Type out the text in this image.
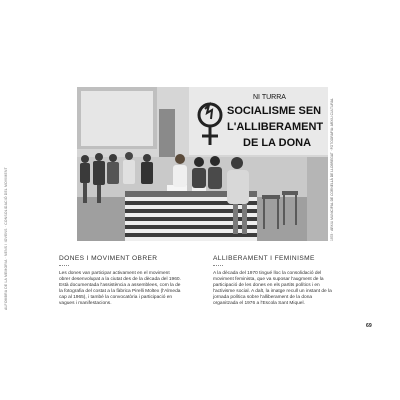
ALFOMBRA DE LA MEMORIA · NENS I IOVENS · CONSOLIDACIÓ DEL MOVIMENT
NI TURRA
SOCIALISME SEN
L'ALLIBERAMENT
DE LA DONA	1978 · ARXIU MUNICIPAL DE CORNELLÀ DE LLOBREGAT · FOTOGRAFIA: ARXIU CULTURAL
DONES I MOVIMENT OBRER

Les dones van participar activament en el moviment obrer desenvolupat a la ciutat des de la dècada del 1960. Està documentada l'assistència a assemblees, com la de la fotografia del costat a la fàbrica Pirelli Moltex (l'Almeda cap al 1965), i també la convocatòria i participació en vagues i manifestacions.

ALLIBERAMENT I FEMINISME

A la dècada del 1970 tingué lloc la consolidació del moviment feminista, que va suposar l'augment de la participació de les dones en els partits polítics i en l'activisme social. A dalt, la imatge recull un instant de la jornada política sobre l'alliberament de la dona organitzada el 1976 a l'Escola Sant Miquel.

69
